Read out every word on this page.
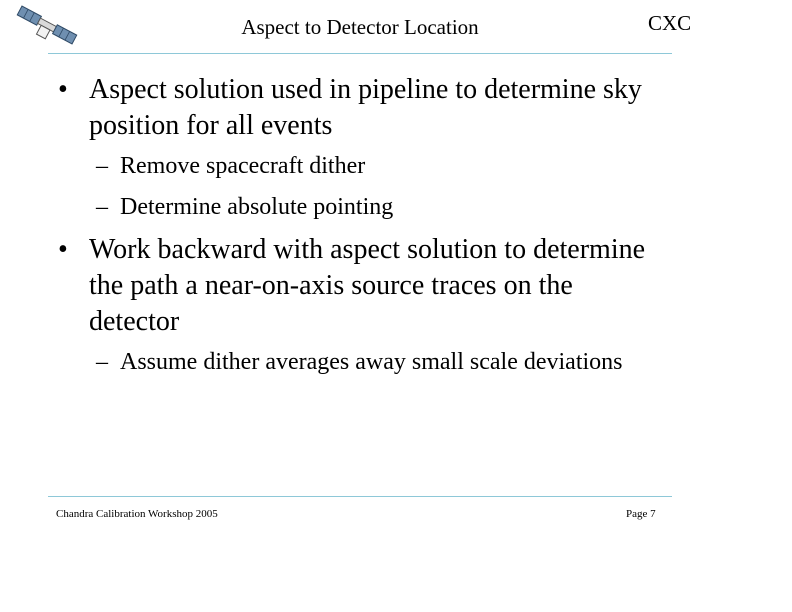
Aspect to Detector Location	CXC
• Aspect solution used in pipeline to determine sky position for all events
– Remove spacecraft dither
– Determine absolute pointing
• Work backward with aspect solution to determine the path a near-on-axis source traces on the detector
– Assume dither averages away small scale deviations
Chandra Calibration Workshop 2005	Page 7
